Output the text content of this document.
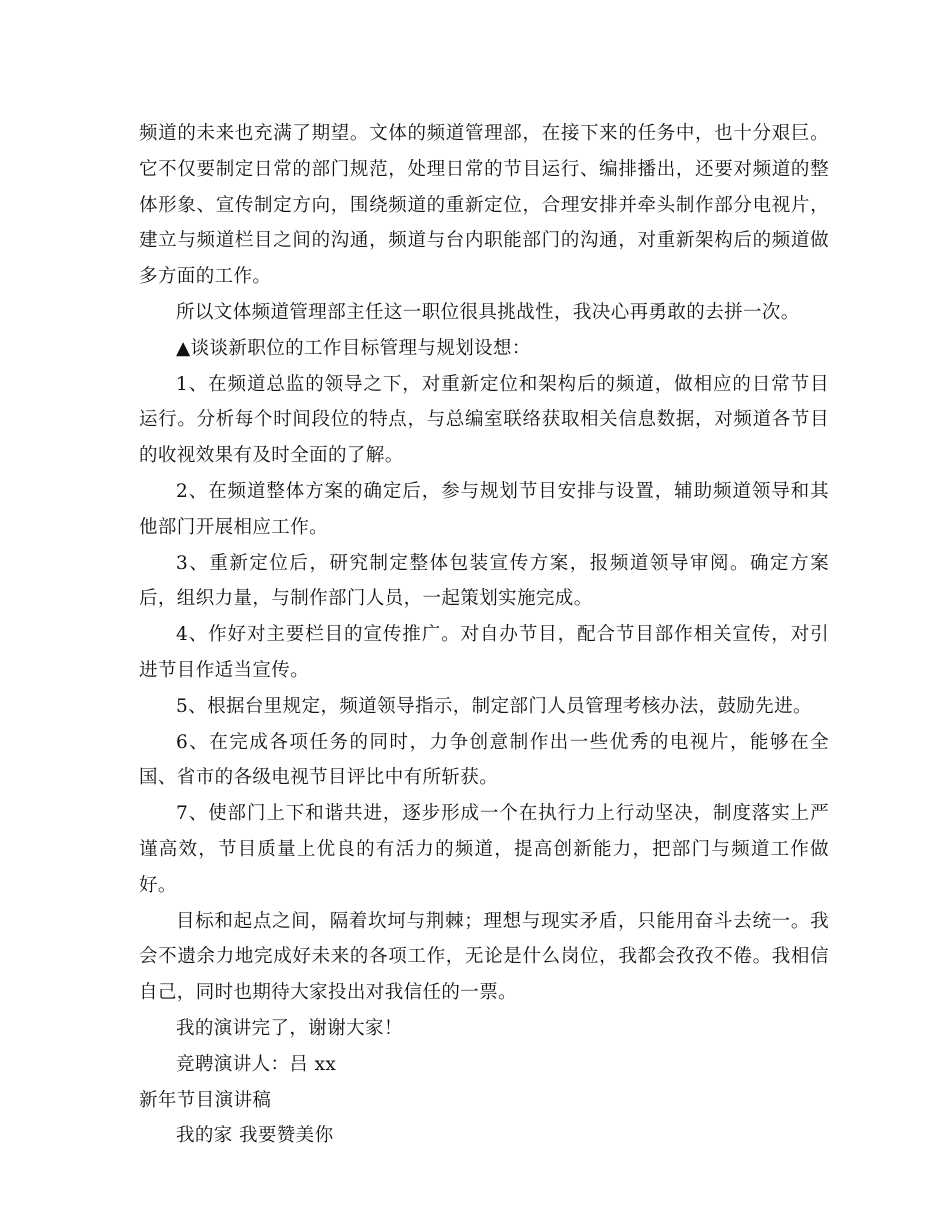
频道的未来也充满了期望。文体的频道管理部，在接下来的任务中，也十分艰巨。它不仅要制定日常的部门规范，处理日常的节目运行、编排播出，还要对频道的整体形象、宣传制定方向，围绕频道的重新定位，合理安排并牵头制作部分电视片，建立与频道栏目之间的沟通，频道与台内职能部门的沟通，对重新架构后的频道做多方面的工作。

所以文体频道管理部主任这一职位很具挑战性，我决心再勇敢的去拼一次。

▲谈谈新职位的工作目标管理与规划设想：

1、在频道总监的领导之下，对重新定位和架构后的频道，做相应的日常节目运行。分析每个时间段位的特点，与总编室联络获取相关信息数据，对频道各节目的收视效果有及时全面的了解。

2、在频道整体方案的确定后，参与规划节目安排与设置，辅助频道领导和其他部门开展相应工作。

3、重新定位后，研究制定整体包装宣传方案，报频道领导审阅。确定方案后，组织力量，与制作部门人员，一起策划实施完成。

4、作好对主要栏目的宣传推广。对自办节目，配合节目部作相关宣传，对引进节目作适当宣传。

5、根据台里规定，频道领导指示，制定部门人员管理考核办法，鼓励先进。

6、在完成各项任务的同时，力争创意制作出一些优秀的电视片，能够在全国、省市的各级电视节目评比中有所斩获。

7、使部门上下和谐共进，逐步形成一个在执行力上行动坚决，制度落实上严谨高效，节目质量上优良的有活力的频道，提高创新能力，把部门与频道工作做好。

目标和起点之间，隔着坎坷与荆棘；理想与现实矛盾，只能用奋斗去统一。我会不遗余力地完成好未来的各项工作，无论是什么岗位，我都会孜孜不倦。我相信自己，同时也期待大家投出对我信任的一票。

我的演讲完了，谢谢大家！

竞聘演讲人：吕 xx

新年节目演讲稿

我的家 我要赞美你
